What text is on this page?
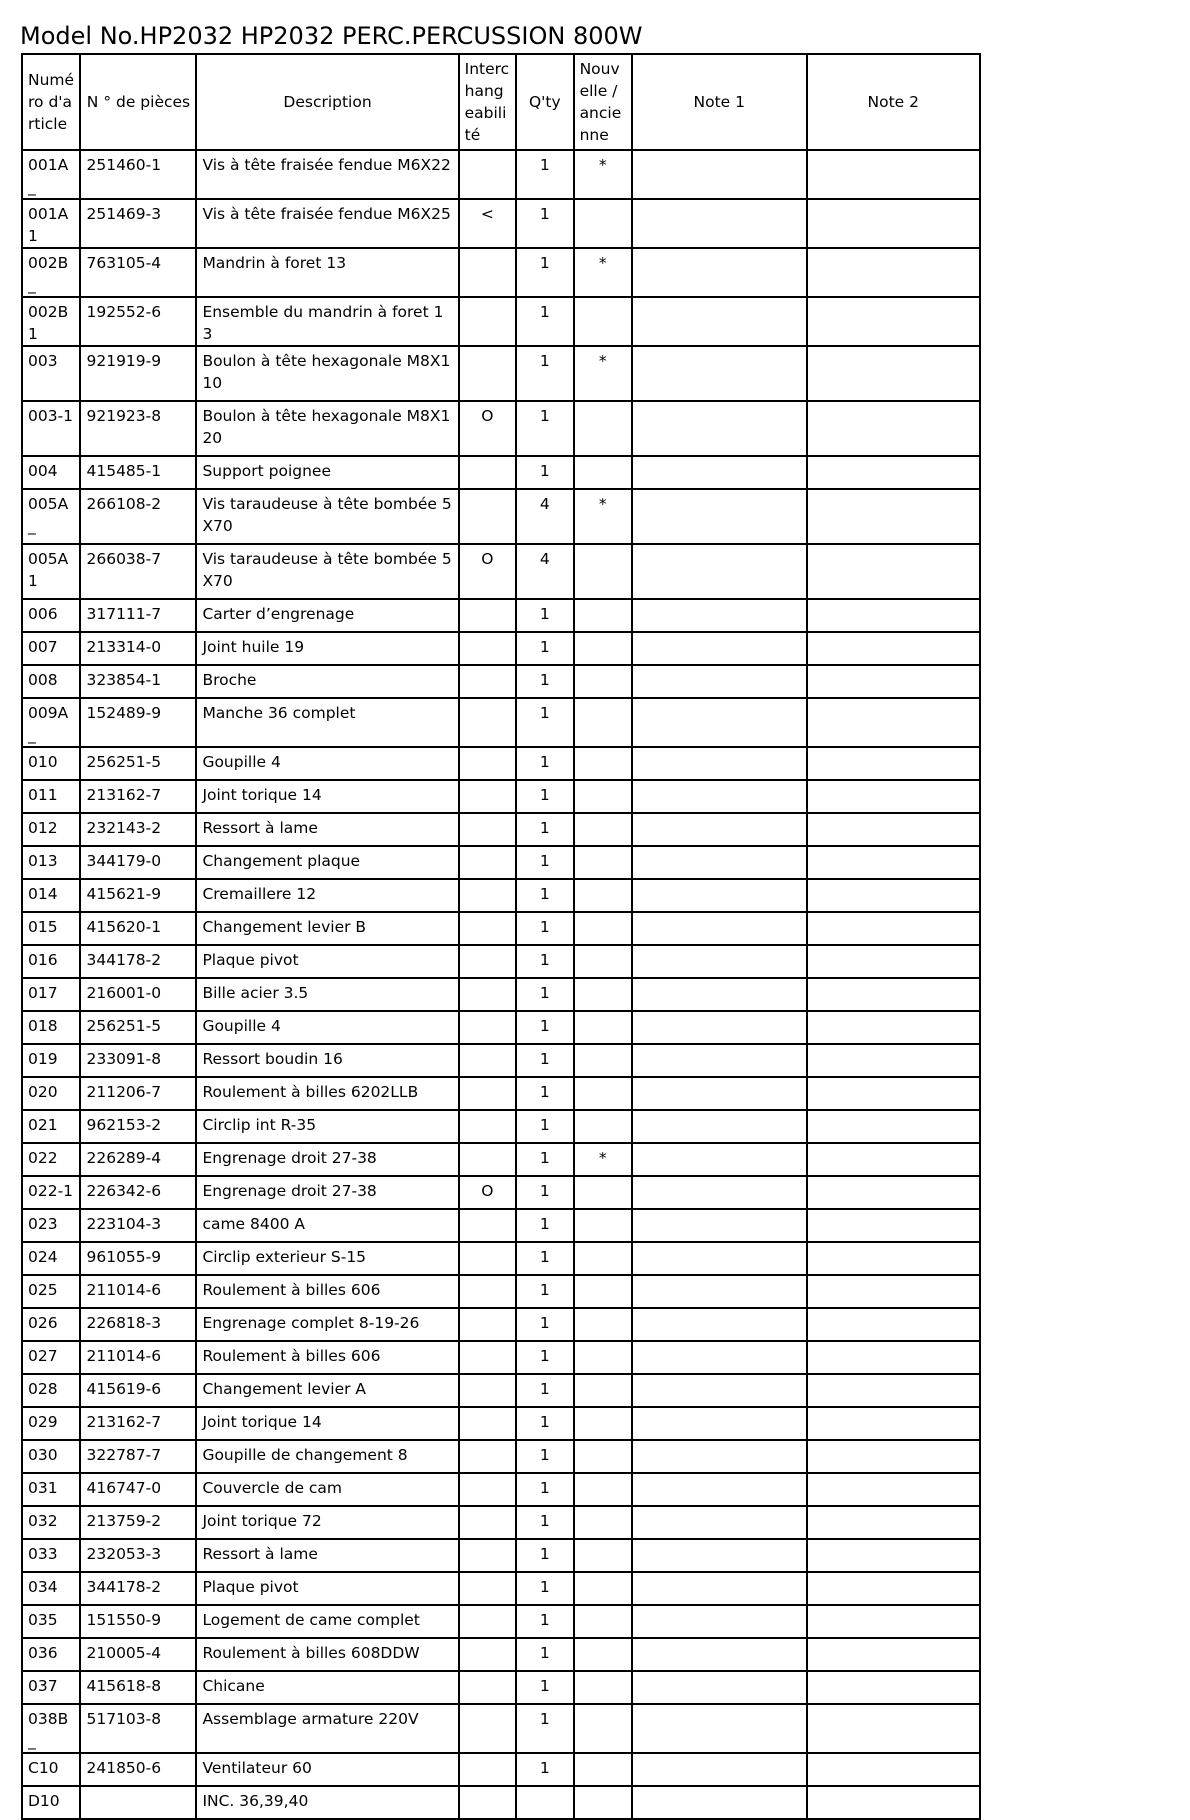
Model No.HP2032 HP2032 PERC.PERCUSSION 800W
Numéro d'article	N ° de pièces	Description	Interchangeabilité	Q'ty	Nouvelle / ancienne	Note 1	Note 2
001A_	251460-1	Vis à tête fraisée fendue M6X22		1	*		
001A1	251469-3	Vis à tête fraisée fendue M6X25	<	1			
002B_	763105-4	Mandrin à foret 13		1	*		
002B1	192552-6	Ensemble du mandrin à foret 13		1			
003	921919-9	Boulon à tête hexagonale M8X110		1	*		
003-1	921923-8	Boulon à tête hexagonale M8X120	O	1			
004	415485-1	Support poignee		1			
005A_	266108-2	Vis taraudeuse à tête bombée 5X70		4	*		
005A1	266038-7	Vis taraudeuse à tête bombée 5X70	O	4			
006	317111-7	Carter d’engrenage		1			
007	213314-0	Joint huile 19		1			
008	323854-1	Broche		1			
009A_	152489-9	Manche 36 complet		1			
010	256251-5	Goupille 4		1			
011	213162-7	Joint torique 14		1			
012	232143-2	Ressort à lame		1			
013	344179-0	Changement plaque		1			
014	415621-9	Cremaillere 12		1			
015	415620-1	Changement levier B		1			
016	344178-2	Plaque pivot		1			
017	216001-0	Bille acier 3.5		1			
018	256251-5	Goupille 4		1			
019	233091-8	Ressort boudin 16		1			
020	211206-7	Roulement à billes 6202LLB		1			
021	962153-2	Circlip int R-35		1			
022	226289-4	Engrenage droit 27-38		1	*		
022-1	226342-6	Engrenage droit 27-38	O	1			
023	223104-3	came 8400 A		1			
024	961055-9	Circlip exterieur S-15		1			
025	211014-6	Roulement à billes 606		1			
026	226818-3	Engrenage complet 8-19-26		1			
027	211014-6	Roulement à billes 606		1			
028	415619-6	Changement levier A		1			
029	213162-7	Joint torique 14		1			
030	322787-7	Goupille de changement 8		1			
031	416747-0	Couvercle de cam		1			
032	213759-2	Joint torique 72		1			
033	232053-3	Ressort à lame		1			
034	344178-2	Plaque pivot		1			
035	151550-9	Logement de came complet		1			
036	210005-4	Roulement à billes 608DDW		1			
037	415618-8	Chicane		1			
038B_	517103-8	Assemblage armature 220V		1			
C10	241850-6	Ventilateur 60		1			
D10		INC. 36,39,40					
